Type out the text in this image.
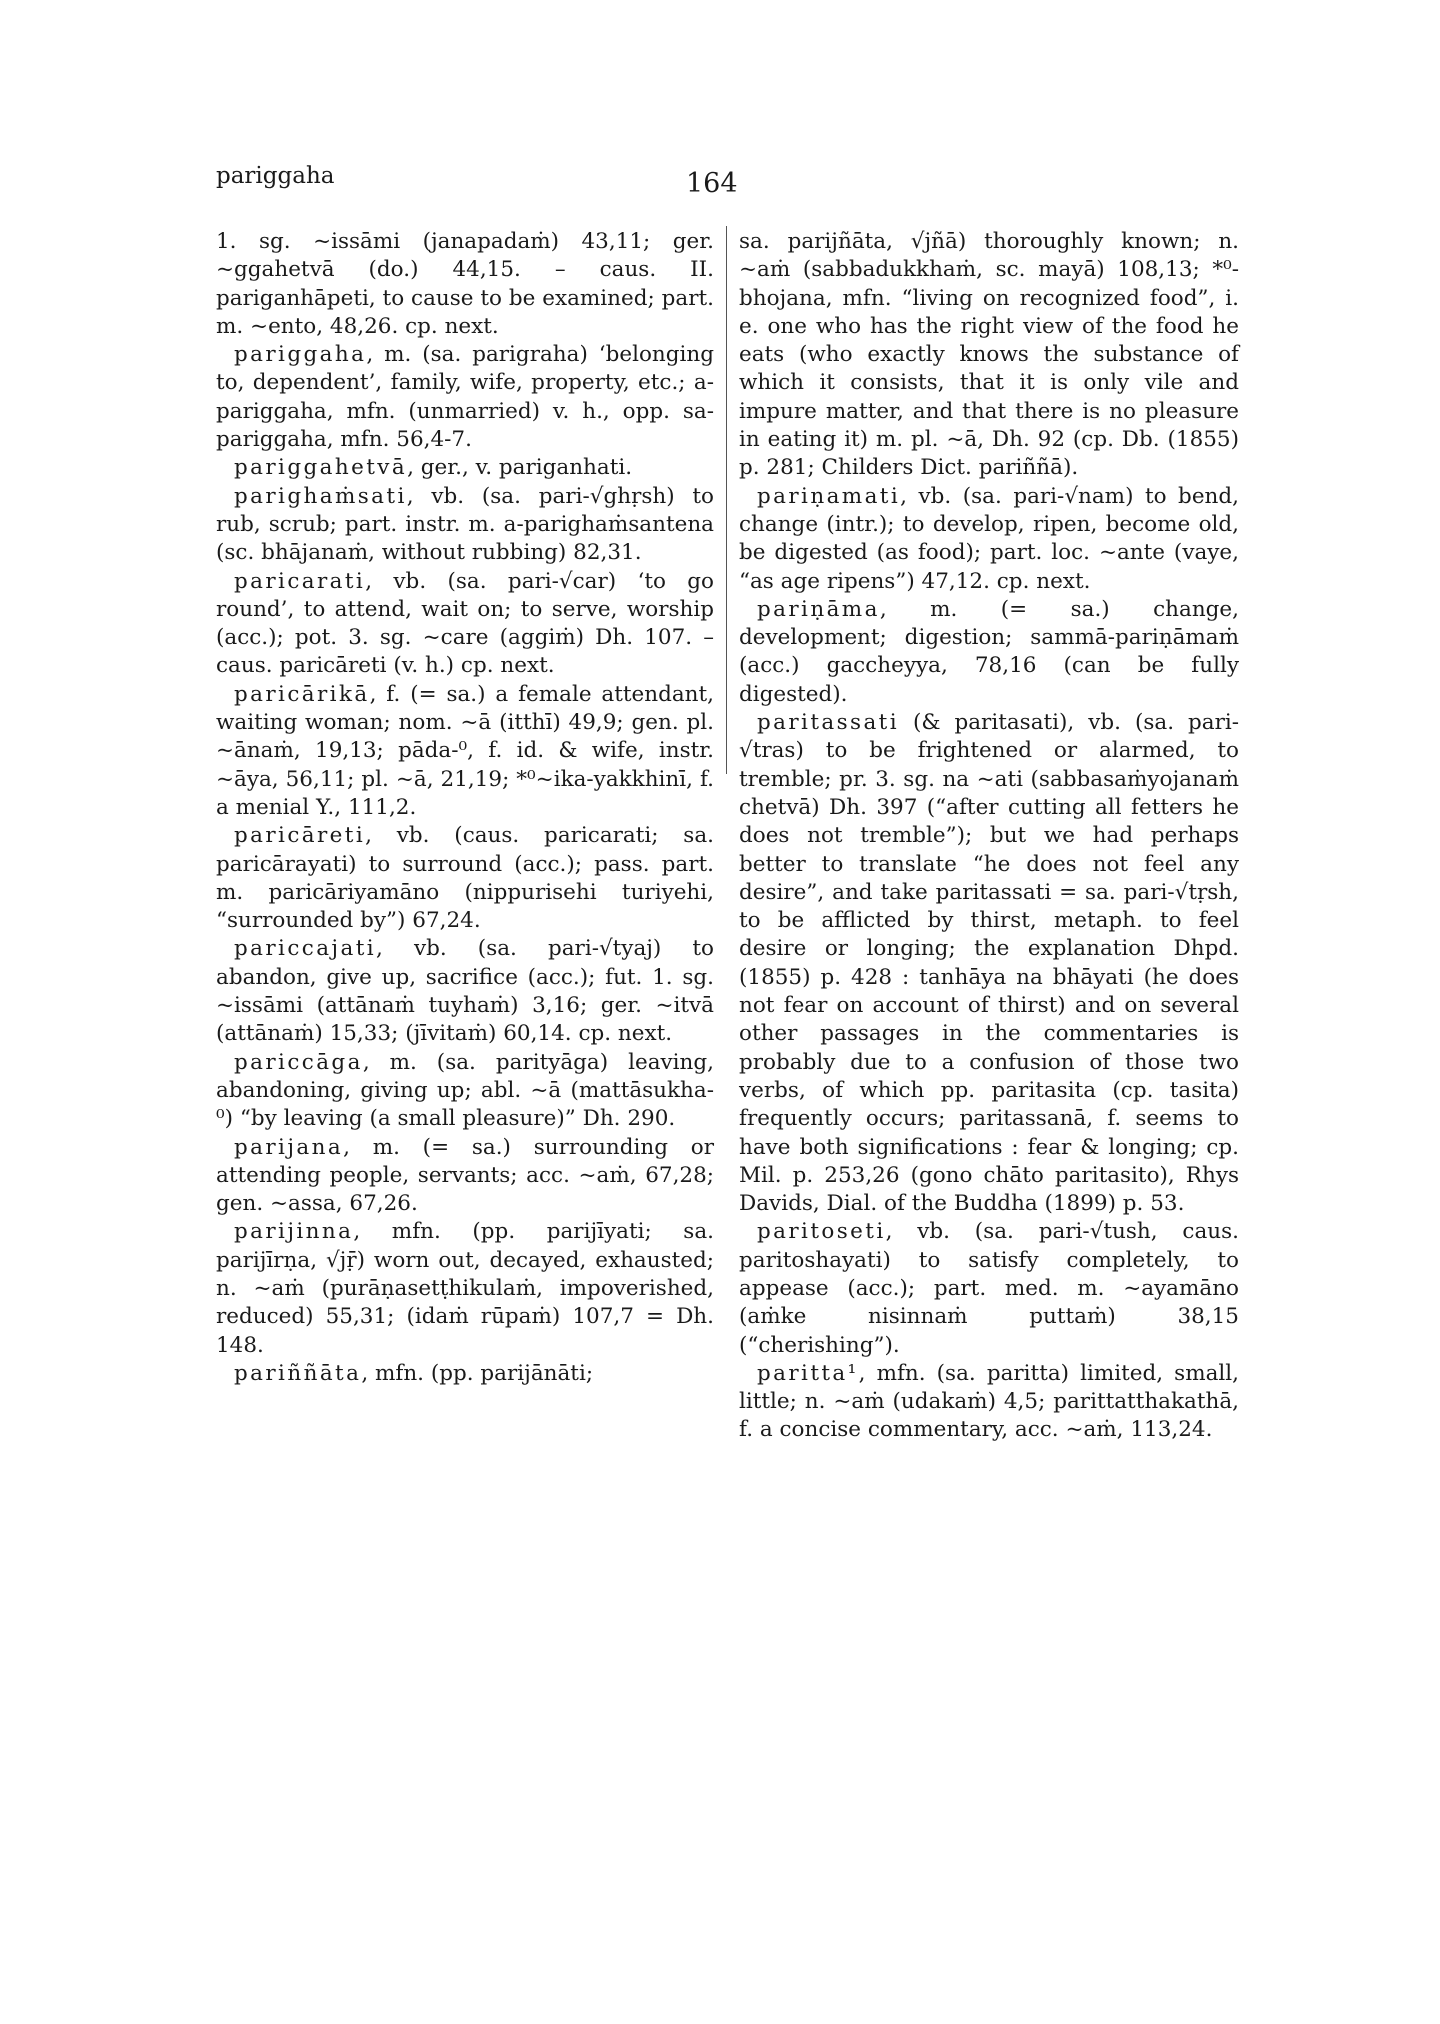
pariggaha	164

1. sg. ~issāmi (janapadaṁ) 43,11; ger. ~ggahetvā (do.) 44,15. – caus. II. pariganhāpeti, to cause to be examined; part. m. ~ento, 48,26. cp. next.

pariggaha, m. (sa. parigraha) ‘belonging to, dependent’, family, wife, property, etc.; a-pariggaha, mfn. (unmarried) v. h., opp. sa-pariggaha, mfn. 56,4-7.

pariggahetvā, ger., v. pariganhati.

parighaṁsati, vb. (sa. pari-√ghṛsh) to rub, scrub; part. instr. m. a-parighaṁsantena (sc. bhājanaṁ, without rubbing) 82,31.

paricarati, vb. (sa. pari-√car) ‘to go round’, to attend, wait on; to serve, worship (acc.); pot. 3. sg. ~care (aggiṁ) Dh. 107. – caus. paricāreti (v. h.) cp. next.

paricārikā, f. (= sa.) a female attendant, waiting woman; nom. ~ā (itthī) 49,9; gen. pl. ~ānaṁ, 19,13; pāda-⁰, f. id. & wife, instr. ~āya, 56,11; pl. ~ā, 21,19; *⁰~ika-yakkhinī, f. a menial Y., 111,2.

paricāreti, vb. (caus. paricarati; sa. paricārayati) to surround (acc.); pass. part. m. paricāriyamāno (nippurisehi turiyehi, “surrounded by”) 67,24.

pariccajati, vb. (sa. pari-√tyaj) to abandon, give up, sacrifice (acc.); fut. 1. sg. ~issāmi (attānaṁ tuyhaṁ) 3,16; ger. ~itvā (attānaṁ) 15,33; (jīvitaṁ) 60,14. cp. next.

pariccāga, m. (sa. parityāga) leaving, abandoning, giving up; abl. ~ā (mattāsukha-⁰) “by leaving (a small pleasure)” Dh. 290.

parijana, m. (= sa.) surrounding or attending people, servants; acc. ~aṁ, 67,28; gen. ~assa, 67,26.

parijinna, mfn. (pp. parijīyati; sa. parijīrṇa, √jṝ) worn out, decayed, exhausted; n. ~aṁ (purāṇasetṭhikulaṁ, impoverished, reduced) 55,31; (idaṁ rūpaṁ) 107,7 = Dh. 148.

pariññāta, mfn. (pp. parijānāti;

sa. parijñāta, √jñā) thoroughly known; n. ~aṁ (sabbadukkhaṁ, sc. mayā) 108,13; *⁰-bhojana, mfn. “living on recognized food”, i. e. one who has the right view of the food he eats (who exactly knows the substance of which it consists, that it is only vile and impure matter, and that there is no pleasure in eating it) m. pl. ~ā, Dh. 92 (cp. Db. (1855) p. 281; Childers Dict. pariññā).

pariṇamati, vb. (sa. pari-√nam) to bend, change (intr.); to develop, ripen, become old, be digested (as food); part. loc. ~ante (vaye, “as age ripens”) 47,12. cp. next.

pariṇāma, m. (= sa.) change, development; digestion; sammā-pariṇāmaṁ (acc.) gaccheyya, 78,16 (can be fully digested).

paritassati (& paritasati), vb. (sa. pari-√tras) to be frightened or alarmed, to tremble; pr. 3. sg. na ~ati (sabbasaṁyojanaṁ chetvā) Dh. 397 (“after cutting all fetters he does not tremble”); but we had perhaps better to translate “he does not feel any desire”, and take paritassati = sa. pari-√tṛsh, to be afflicted by thirst, metaph. to feel desire or longing; the explanation Dhpd. (1855) p. 428 : tanhāya na bhāyati (he does not fear on account of thirst) and on several other passages in the commentaries is probably due to a confusion of those two verbs, of which pp. paritasita (cp. tasita) frequently occurs; paritassanā, f. seems to have both significations : fear & longing; cp. Mil. p. 253,26 (gono chāto paritasito), Rhys Davids, Dial. of the Buddha (1899) p. 53.

paritoseti, vb. (sa. pari-√tush, caus. paritoshayati) to satisfy completely, to appease (acc.); part. med. m. ~ayamāno (aṁke nisinnaṁ puttaṁ) 38,15 (“cherishing”).

paritta¹, mfn. (sa. paritta) limited, small, little; n. ~aṁ (udakaṁ) 4,5; parittatthakathā, f. a concise commentary, acc. ~aṁ, 113,24.
